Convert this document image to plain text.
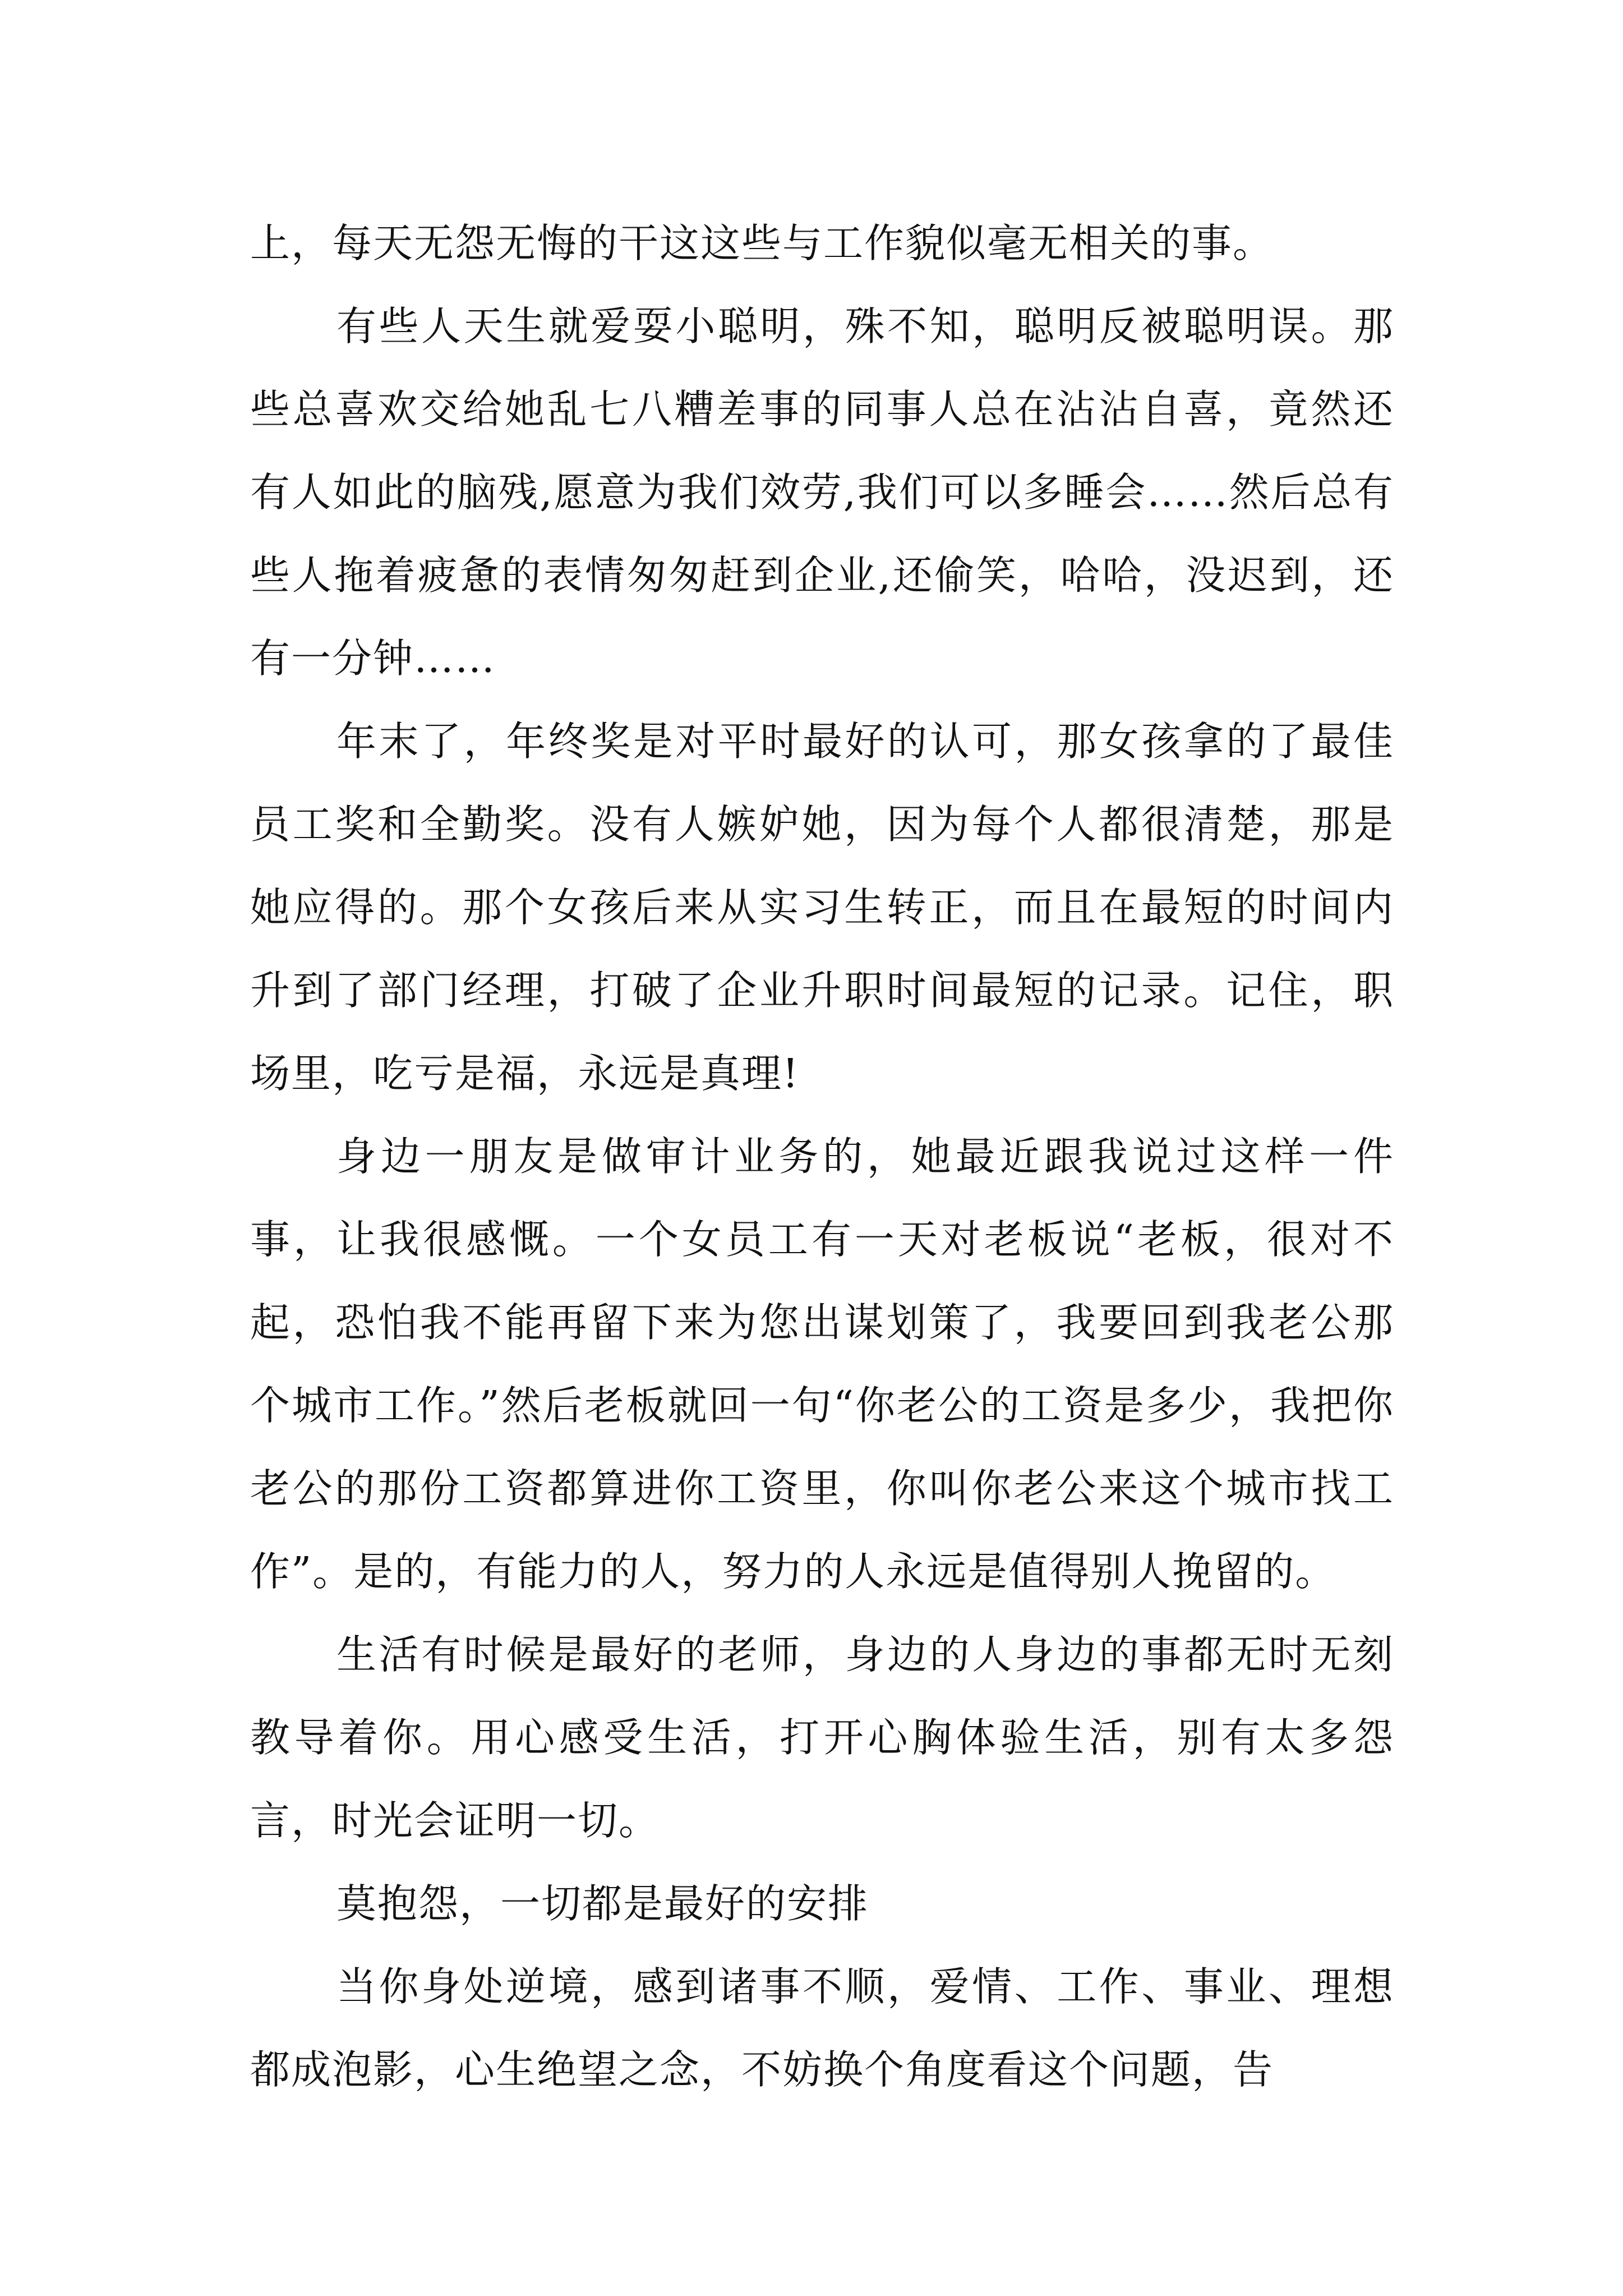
上，每天无怨无悔的干这这些与工作貌似毫无相关的事。

有些人天生就爱耍小聪明，殊不知，聪明反被聪明误。那些总喜欢交给她乱七八糟差事的同事人总在沾沾自喜，竟然还有人如此的脑残,愿意为我们效劳,我们可以多睡会……然后总有些人拖着疲惫的表情匆匆赶到企业,还偷笑，哈哈，没迟到，还有一分钟……

年末了，年终奖是对平时最好的认可，那女孩拿的了最佳员工奖和全勤奖。没有人嫉妒她，因为每个人都很清楚，那是她应得的。那个女孩后来从实习生转正，而且在最短的时间内升到了部门经理，打破了企业升职时间最短的记录。记住，职场里，吃亏是福，永远是真理!

身边一朋友是做审计业务的，她最近跟我说过这样一件事，让我很感慨。一个女员工有一天对老板说“老板，很对不起，恐怕我不能再留下来为您出谋划策了，我要回到我老公那个城市工作。”然后老板就回一句“你老公的工资是多少，我把你老公的那份工资都算进你工资里，你叫你老公来这个城市找工作”。是的，有能力的人，努力的人永远是值得别人挽留的。

生活有时候是最好的老师，身边的人身边的事都无时无刻教导着你。用心感受生活，打开心胸体验生活，别有太多怨言，时光会证明一切。

莫抱怨，一切都是最好的安排

当你身处逆境，感到诸事不顺，爱情、工作、事业、理想都成泡影，心生绝望之念，不妨换个角度看这个问题，告
